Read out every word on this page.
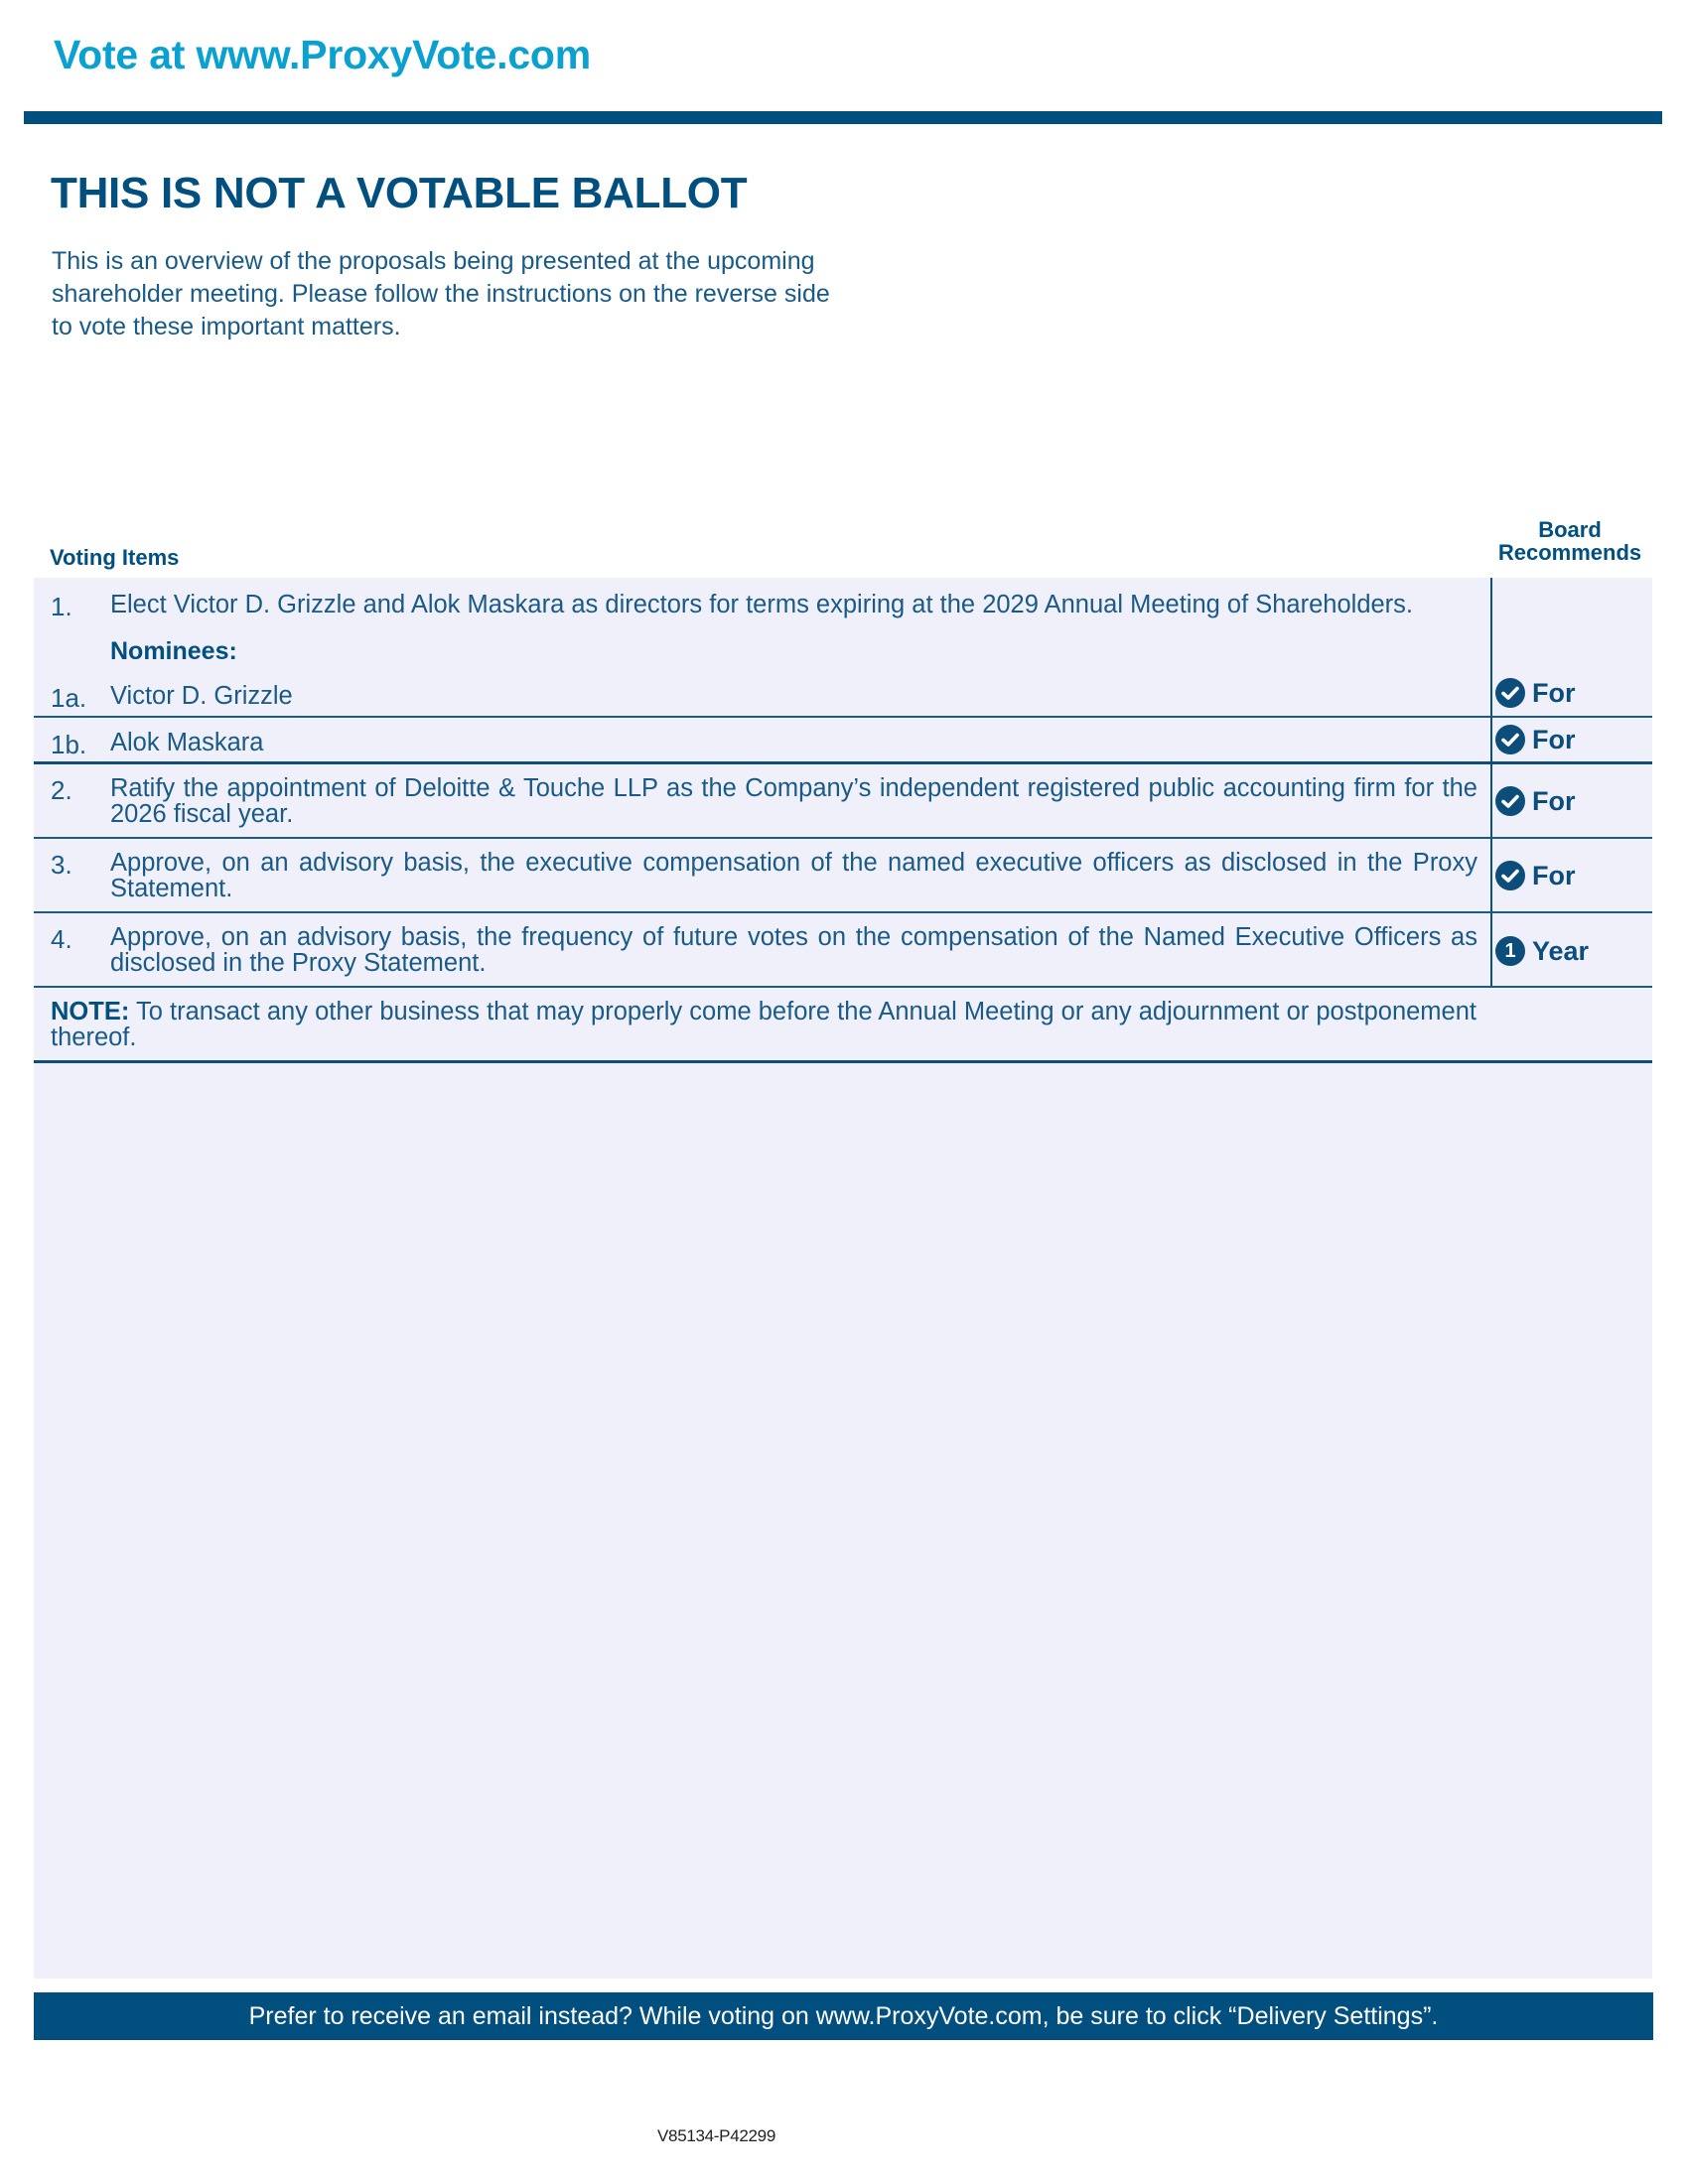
Vote at www.ProxyVote.com
THIS IS NOT A VOTABLE BALLOT
This is an overview of the proposals being presented at the upcoming shareholder meeting. Please follow the instructions on the reverse side to vote these important matters.
Voting Items
Board
Recommends
1. Elect Victor D. Grizzle and Alok Maskara as directors for terms expiring at the 2029 Annual Meeting of Shareholders.
Nominees:
1a. Victor D. Grizzle	For
1b. Alok Maskara	For
2. Ratify the appointment of Deloitte & Touche LLP as the Company’s independent registered public accounting firm for the 2026 fiscal year.	For
3. Approve, on an advisory basis, the executive compensation of the named executive officers as disclosed in the Proxy Statement.	For
4. Approve, on an advisory basis, the frequency of future votes on the compensation of the Named Executive Officers as disclosed in the Proxy Statement.	1 Year
NOTE: To transact any other business that may properly come before the Annual Meeting or any adjournment or postponement thereof.
Prefer to receive an email instead? While voting on www.ProxyVote.com, be sure to click “Delivery Settings”.
V85134-P42299
